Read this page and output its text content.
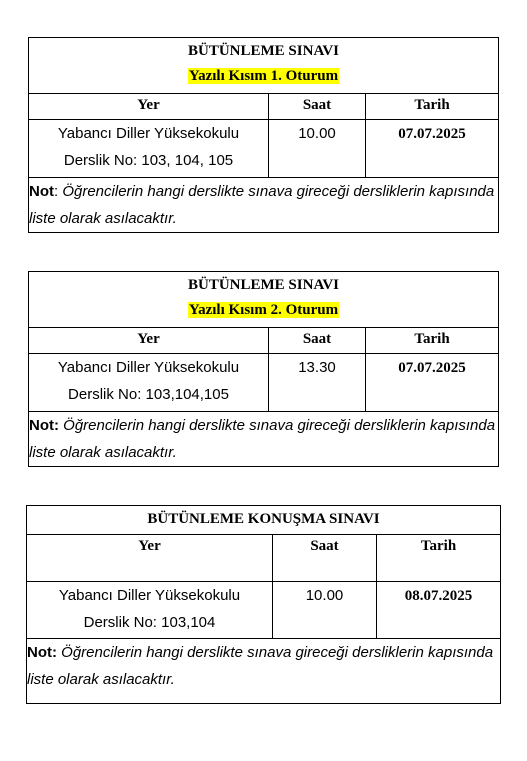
BÜTÜNLEME SINAVI
Yazılı Kısım 1. Oturum		

Yer	Saat	Tarih

Yabancı Diller Yüksekokulu
Derslik No: 103, 104, 105	10.00	07.07.2025
Not: Öğrencilerin hangi derslikte sınava gireceği dersliklerin kapısında liste olarak asılacaktır.		
BÜTÜNLEME SINAVI
Yazılı Kısım 2. Oturum		

Yer	Saat	Tarih

Yabancı Diller Yüksekokulu
Derslik No: 103,104,105	13.30	07.07.2025
Not: Öğrencilerin hangi derslikte sınava gireceği dersliklerin kapısında liste olarak asılacaktır.		
BÜTÜNLEME KONUŞMA SINAVI		

Yer	Saat	Tarih

Yabancı Diller Yüksekokulu
Derslik No: 103,104	10.00	08.07.2025
Not: Öğrencilerin hangi derslikte sınava gireceği dersliklerin kapısında liste olarak asılacaktır.		
